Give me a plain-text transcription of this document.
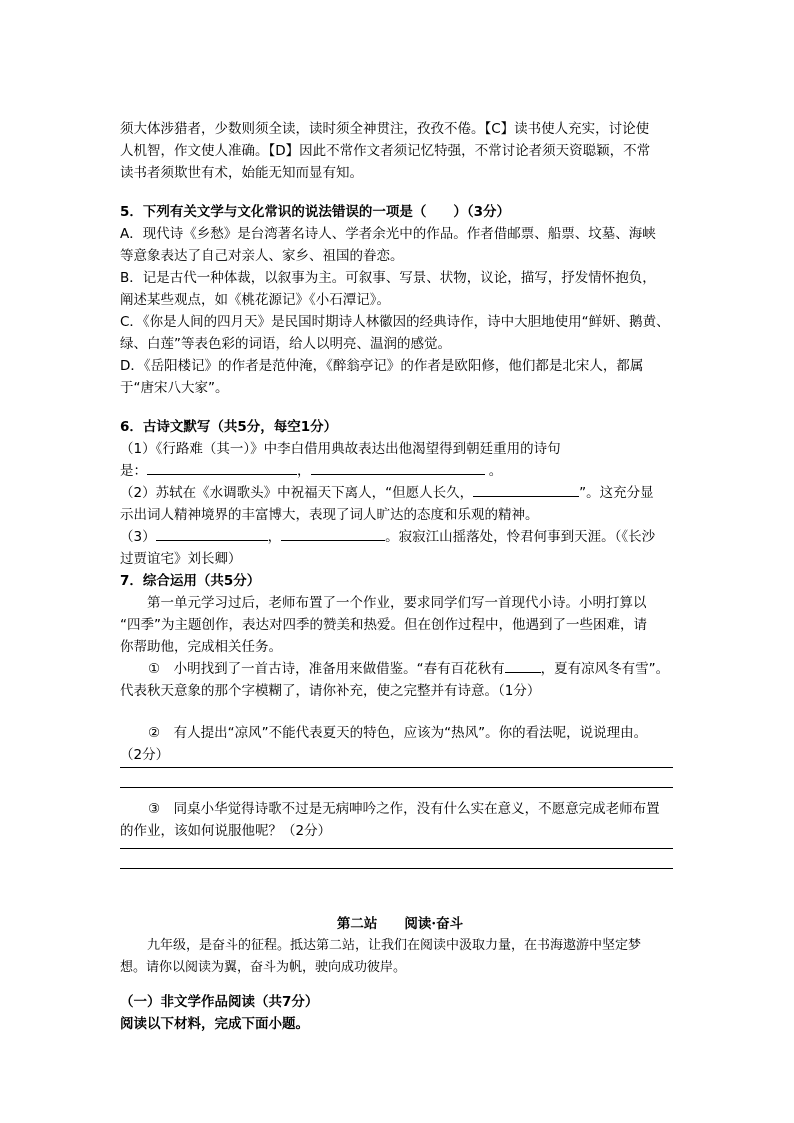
须大体涉猎者，少数则须全读，读时须全神贯注，孜孜不倦。【C】读书使人充实，讨论使

人机智，作文使人准确。【D】因此不常作文者须记忆特强，不常讨论者须天资聪颖，不常

读书者须欺世有术，始能无知而显有知。

5．下列有关文学与文化常识的说法错误的一项是（　　）（3分）

A．现代诗《乡愁》是台湾著名诗人、学者余光中的作品。作者借邮票、船票、坟墓、海峡

等意象表达了自己对亲人、家乡、祖国的眷恋。

B．记是古代一种体裁，以叙事为主。可叙事、写景、状物，议论，描写，抒发情怀抱负，

阐述某些观点，如《桃花源记》《小石潭记》。

C．《你是人间的四月天》是民国时期诗人林徽因的经典诗作，诗中大胆地使用“鲜妍、鹅黄、

绿、白莲”等表色彩的词语，给人以明亮、温润的感觉。

D．《岳阳楼记》的作者是范仲淹，《醉翁亭记》的作者是欧阳修，他们都是北宋人，都属

于“唐宋八大家”。

6．古诗文默写（共5分，每空1分）

（1）《行路难（其一）》中李白借用典故表达出他渴望得到朝廷重用的诗句

是：	，	。

（2）苏轼在《水调歌头》中祝福天下离人，“但愿人长久，	”。这充分显

示出词人精神境界的丰富博大，表现了词人旷达的态度和乐观的精神。

（3）	，	。寂寂江山摇落处，怜君何事到天涯。（《长沙

过贾谊宅》刘长卿）

7．综合运用（共5分）

第一单元学习过后，老师布置了一个作业，要求同学们写一首现代小诗。小明打算以

“四季”为主题创作，表达对四季的赞美和热爱。但在创作过程中，他遇到了一些困难，请

你帮助他，完成相关任务。

①　小明找到了一首古诗，准备用来做借鉴。“春有百花秋有	，夏有凉风冬有雪”。

代表秋天意象的那个字模糊了，请你补充，使之完整并有诗意。（1分）

②　有人提出“凉风”不能代表夏天的特色，应该为“热风”。你的看法呢，说说理由。

（2分）

③　同桌小华觉得诗歌不过是无病呻吟之作，没有什么实在意义，不愿意完成老师布置

的作业，该如何说服他呢？（2分）

第二站　　阅读·奋斗

九年级，是奋斗的征程。抵达第二站，让我们在阅读中汲取力量，在书海遨游中坚定梦

想。请你以阅读为翼，奋斗为帆，驶向成功彼岸。

（一）非文学作品阅读（共7分）

阅读以下材料，完成下面小题。
